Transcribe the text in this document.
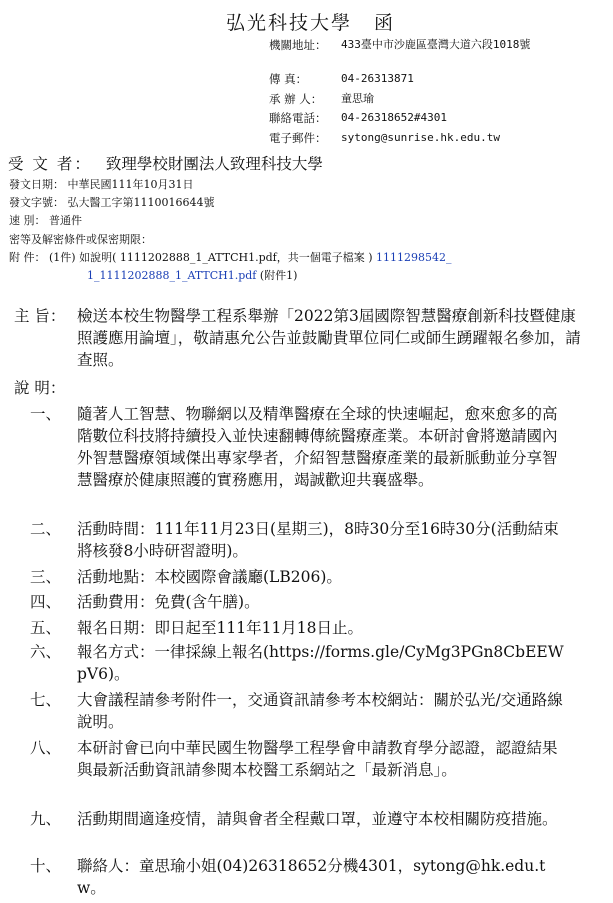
弘光科技大學 函
機關地址：	433臺中市沙鹿區臺灣大道六段1018號
傳 真：	04-26313871
承 辦 人：	童思瑜
聯絡電話：	04-26318652#4301
電子郵件：	sytong@sunrise.hk.edu.tw
受 文 者： 致理學校財團法人致理科技大學
發文日期： 中華民國111年10月31日
發文字號： 弘大醫工字第1110016644號
速 別： 普通件
密等及解密條件或保密期限：
附 件： (1件) 如說明( 1111202888_1_ATTCH1.pdf，共一個電子檔案 ) 1111298542_
1_1111202888_1_ATTCH1.pdf (附件1)
主 旨： 檢送本校生物醫學工程系舉辦「2022第3屆國際智慧醫療創新科技暨健康照護應用論壇」，敬請惠允公告並鼓勵貴單位同仁或師生踴躍報名參加，請查照。
說 明：
一、 隨著人工智慧、物聯網以及精準醫療在全球的快速崛起，愈來愈多的高階數位科技將持續投入並快速翻轉傳統醫療產業。本研討會將邀請國內外智慧醫療領域傑出專家學者，介紹智慧醫療產業的最新脈動並分享智慧醫療於健康照護的實務應用，竭誠歡迎共襄盛舉。
二、 活動時間：111年11月23日(星期三)，8時30分至16時30分(活動結束將核發8小時研習證明)。
三、 活動地點：本校國際會議廳(LB206)。
四、 活動費用：免費(含午膳)。
五、 報名日期：即日起至111年11月18日止。
六、 報名方式：一律採線上報名(https://forms.gle/CyMg3PGn8CbEEWpV6)。
七、 大會議程請參考附件一，交通資訊請參考本校網站：關於弘光/交通路線說明。
八、 本研討會已向中華民國生物醫學工程學會申請教育學分認證，認證結果與最新活動資訊請參閱本校醫工系網站之「最新消息」。
九、 活動期間適逢疫情，請與會者全程戴口罩，並遵守本校相關防疫措施。
十、 聯絡人：童思瑜小姐(04)26318652分機4301，sytong@hk.edu.tw。
